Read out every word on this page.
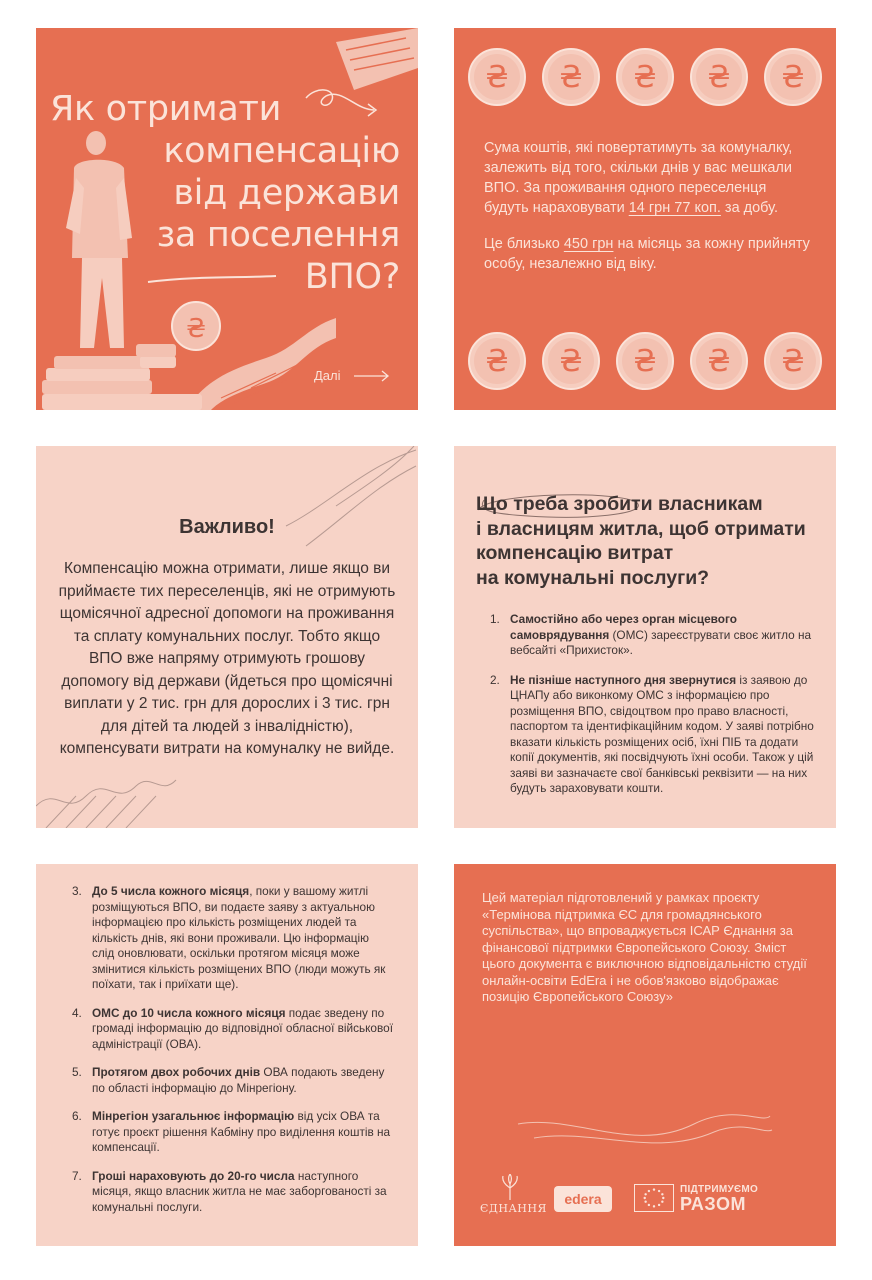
₴
Як отримати
компенсацію
від держави
за поселення
ВПО?
Далі
₴	₴	₴	₴	₴

Сума коштів, які повертатимуть за комуналку, залежить від того, скільки днів у вас мешкали ВПО. За проживання одного переселенця будуть нараховувати 14 грн 77 коп. за добу.

Це близько 450 грн на місяць за кожну прийняту особу, незалежно від віку.

₴	₴	₴	₴	₴
Важливо!
Компенсацію можна отримати, лише якщо ви приймаєте тих переселенців, які не отримують щомісячної адресної допомоги на проживання та сплату комунальних послуг. Тобто якщо ВПО вже напряму отримують грошову допомогу від держави (йдеться про щомісячні виплати у 2 тис. грн для дорослих і 3 тис. грн для дітей та людей з інвалідністю), компенсувати витрати на комуналку не вийде.
Що треба зробити власникам
і власницям житла, щоб отримати
компенсацію витрат
на комунальні послуги?
1. Самостійно або через орган місцевого самоврядування (ОМС) зареєструвати своє житло на вебсайті «Прихисток».
2. Не пізніше наступного дня звернутися із заявою до ЦНАПу або виконкому ОМС з інформацією про розміщення ВПО, свідоцтвом про право власності, паспортом та ідентифікаційним кодом. У заяві потрібно вказати кількість розміщених осіб, їхні ПІБ та додати копії документів, які посвідчують їхні особи. Також у цій заяві ви зазначаєте свої банківські реквізити — на них будуть зараховувати кошти.
3. До 5 числа кожного місяця, поки у вашому житлі розміщуються ВПО, ви подаєте заяву з актуальною інформацією про кількість розміщених людей та кількість днів, які вони проживали. Цю інформацію слід оновлювати, оскільки протягом місяця може змінитися кількість розміщених ВПО (люди можуть як поїхати, так і приїхати ще).
4. ОМС до 10 числа кожного місяця подає зведену по громаді інформацію до відповідної обласної військової адміністрації (ОВА).
5. Протягом двох робочих днів ОВА подають зведену по області інформацію до Мінрегіону.
6. Мінрегіон узагальнює інформацію від усіх ОВА та готує проєкт рішення Кабміну про виділення коштів на компенсації.
7. Гроші нараховують до 20-го числа наступного місяця, якщо власник житла не має заборгованості за комунальні послуги.
Цей матеріал підготовлений у рамках проєкту «Термінова підтримка ЄС для громадянського суспільства», що впроваджується ІСАР Єднання за фінансової підтримки Європейського Союзу. Зміст цього документа є виключною відповідальністю студії онлайн-освіти EdEra і не обов'язково відображає позицію Європейського Союзу»
ЄДНАННЯ
edera
ПІДТРИМУЄМО
РАЗОМ
